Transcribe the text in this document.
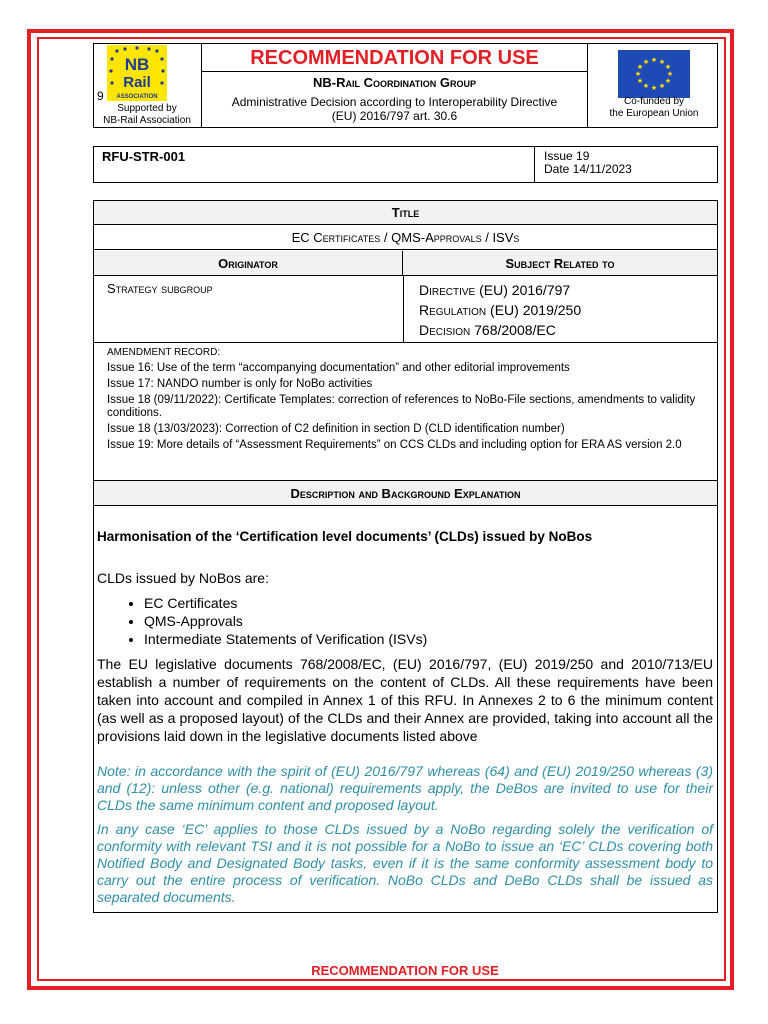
NB
Rail
ASSOCIATION
9
Supported by
NB-Rail Association
RECOMMENDATION FOR USE
NB-Rail Coordination Group
Administrative Decision according to Interoperability Directive
(EU) 2016/797 art. 30.6
★ ★
★
★
★
★
★
★
★
★
★
★
Co-funded by
the European Union
RFU-STR-001	Issue 19
Date 14/11/2023
Title
EC Certificates / QMS-Approvals / ISVs
Originator	Subject Related to
Strategy subgroup	Directive (EU) 2016/797
Regulation (EU) 2019/250
Decision 768/2008/EC
AMENDMENT RECORD:
Issue 16: Use of the term “accompanying documentation” and other editorial improvements
Issue 17: NANDO number is only for NoBo activities
Issue 18 (09/11/2022): Certificate Templates: correction of references to NoBo-File sections, amendments to validity conditions.
Issue 18 (13/03/2023): Correction of C2 definition in section D (CLD identification number)
Issue 19: More details of “Assessment Requirements” on CCS CLDs and including option for ERA AS version 2.0
Description and Background Explanation
Harmonisation of the ‘Certification level documents’ (CLDs) issued by NoBos
CLDs issued by NoBos are:
• EC Certificates
• QMS-Approvals
• Intermediate Statements of Verification (ISVs)
The EU legislative documents 768/2008/EC, (EU) 2016/797, (EU) 2019/250 and 2010/713/EU establish a number of requirements on the content of CLDs. All these requirements have been taken into account and compiled in Annex 1 of this RFU. In Annexes 2 to 6 the minimum content (as well as a proposed layout) of the CLDs and their Annex are provided, taking into account all the provisions laid down in the legislative documents listed above
Note: in accordance with the spirit of (EU) 2016/797 whereas (64) and (EU) 2019/250 whereas (3) and (12): unless other (e.g. national) requirements apply, the DeBos are invited to use for their CLDs the same minimum content and proposed layout.
In any case ‘EC’ applies to those CLDs issued by a NoBo regarding solely the verification of conformity with relevant TSI and it is not possible for a NoBo to issue an ‘EC’ CLDs covering both Notified Body and Designated Body tasks, even if it is the same conformity assessment body to carry out the entire process of verification. NoBo CLDs and DeBo CLDs shall be issued as separated documents.
RECOMMENDATION FOR USE
